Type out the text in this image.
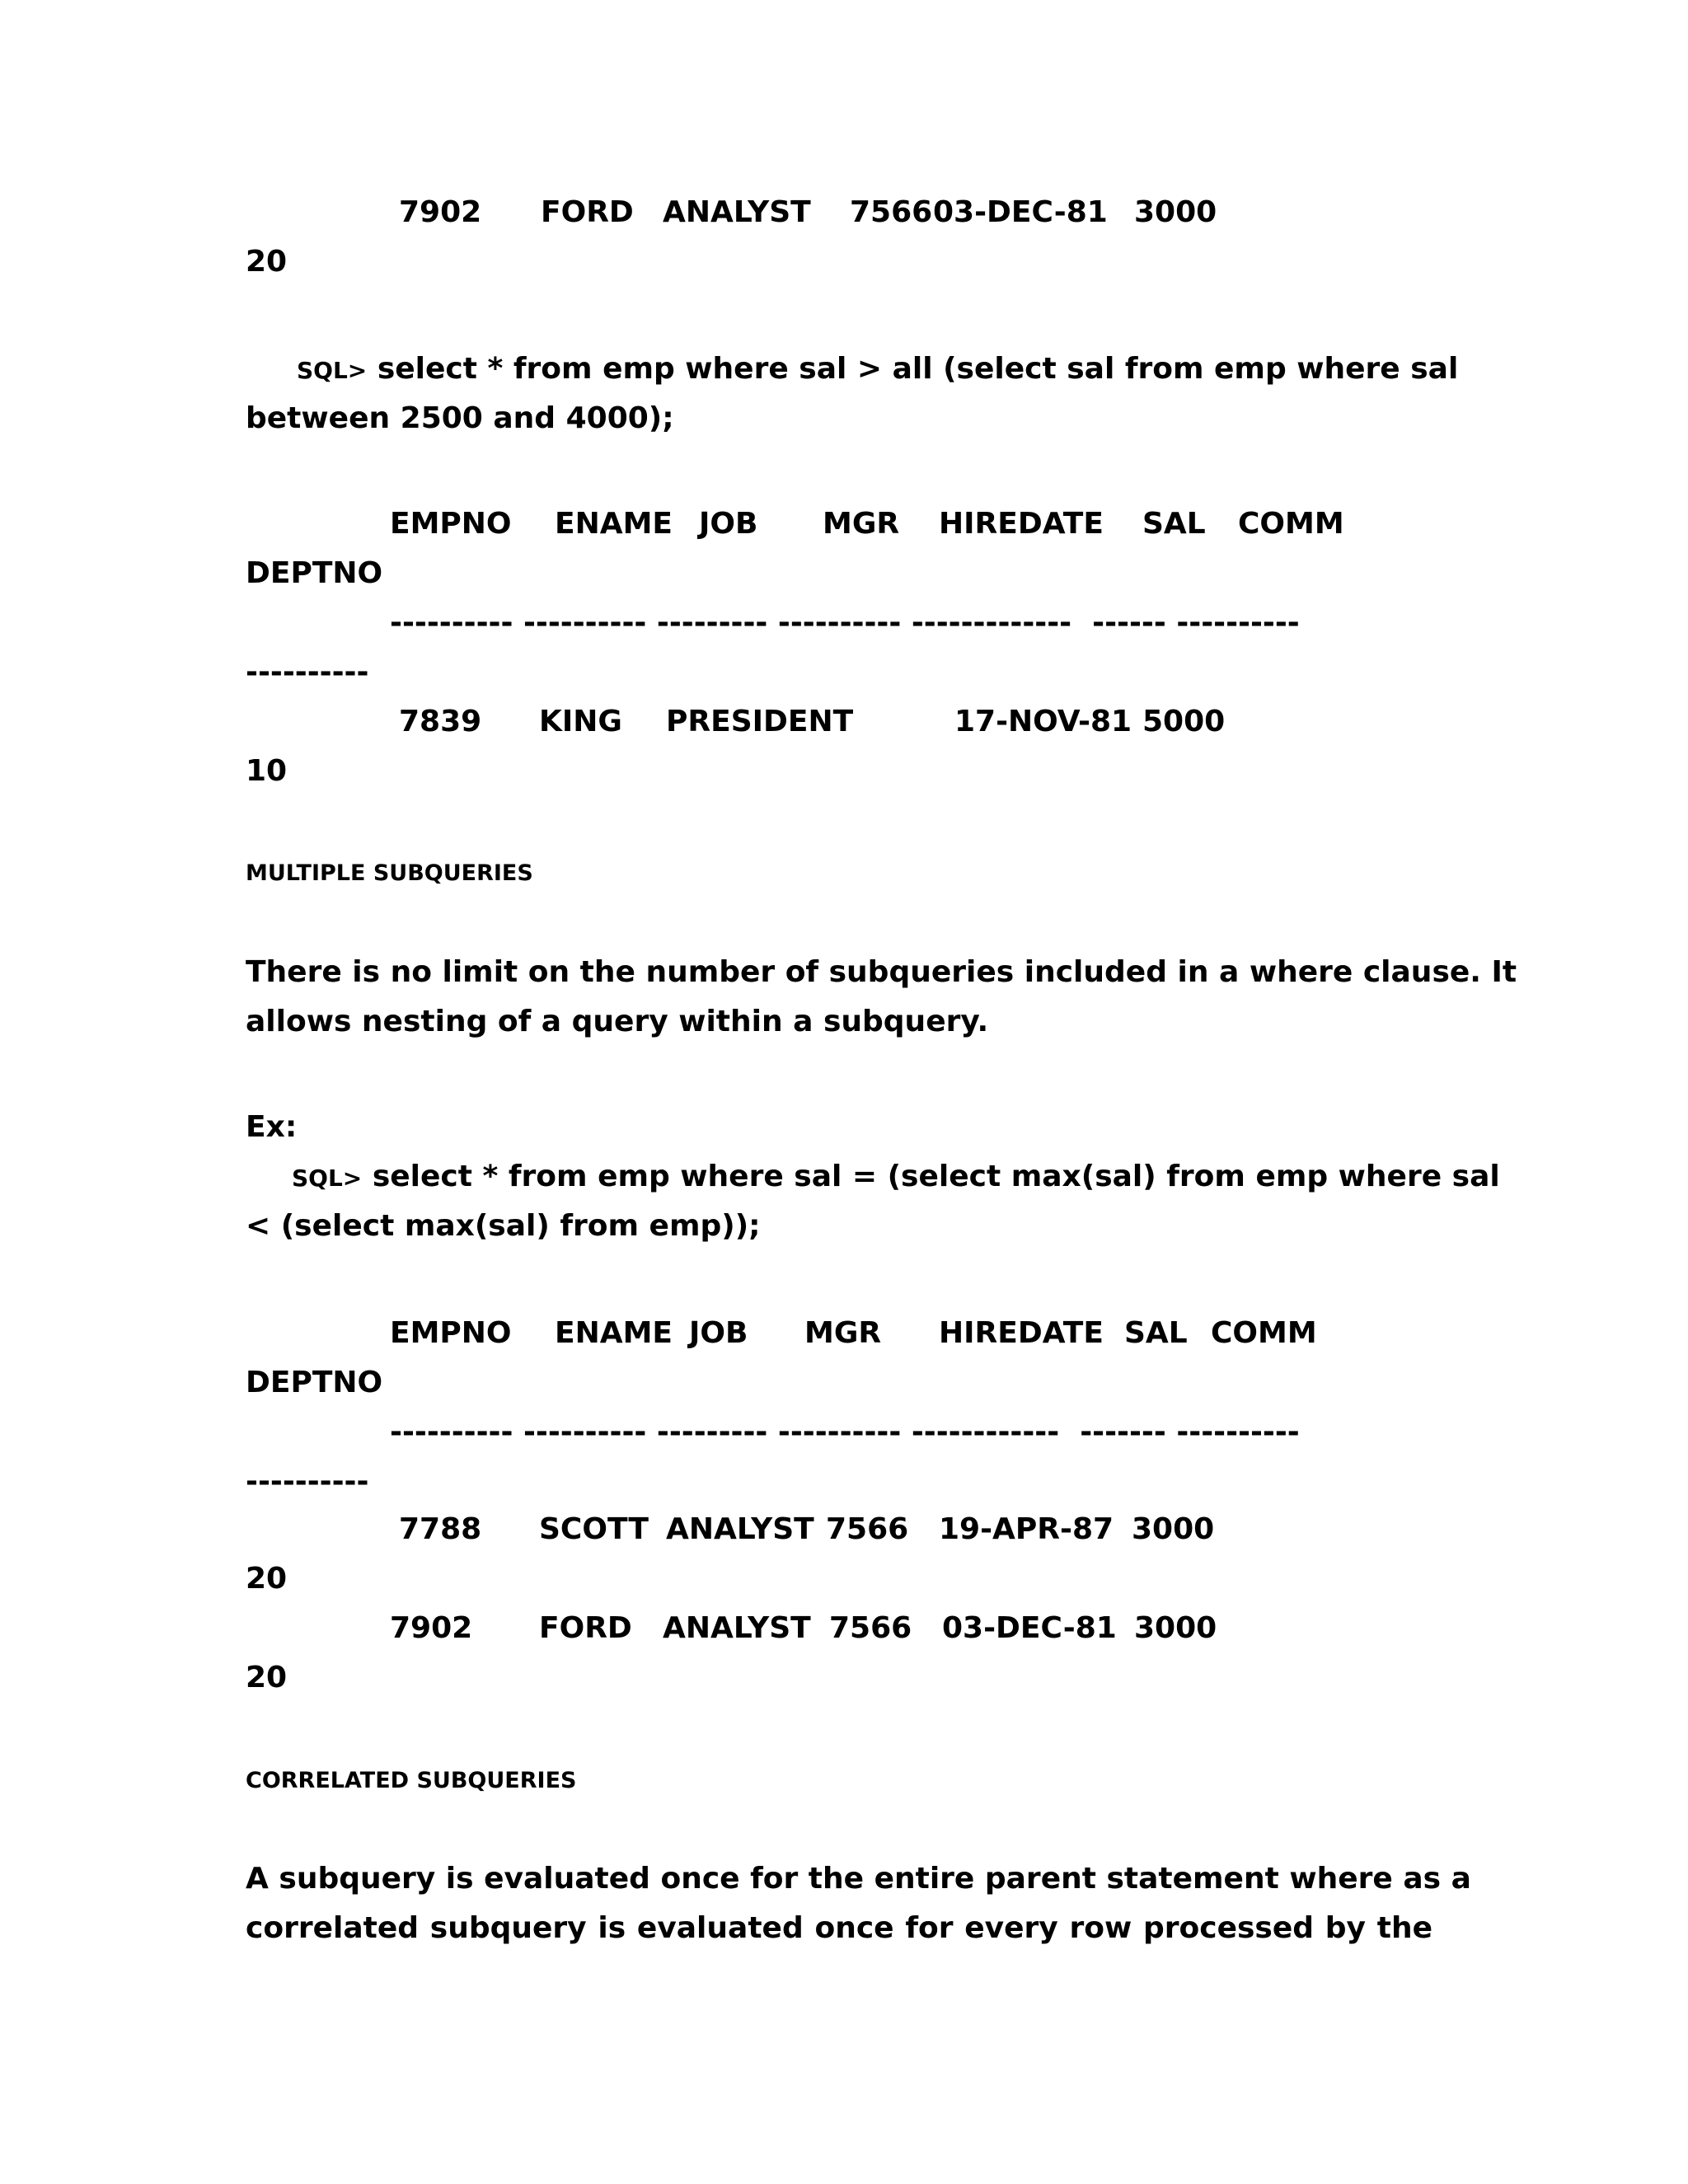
7902 FORD ANALYST 7566 03-DEC-81 3000
20
SQL> select * from emp where sal > all (select sal from emp where sal
between 2500 and 4000);
EMPNO ENAME JOB MGR HIREDATE SAL COMM
DEPTNO
---------- ---------- --------- ---------- -------------  ------ ----------
----------
7839 KING PRESIDENT	17-NOV-81 5000
10
MULTIPLE SUBQUERIES
There is no limit on the number of subqueries included in a where clause. It
allows nesting of a query within a subquery.
Ex:
SQL> select * from emp where sal = (select max(sal) from emp where sal
< (select max(sal) from emp));
EMPNO ENAME JOB MGR HIREDATE SAL COMM
DEPTNO
---------- ---------- --------- ---------- ------------  ------- ----------
----------
7788 SCOTT ANALYST 7566 19-APR-87 3000
20
7902 FORD ANALYST 7566 03-DEC-81 3000
20
CORRELATED SUBQUERIES
A subquery is evaluated once for the entire parent statement where as a
correlated subquery is evaluated once for every row processed by the
